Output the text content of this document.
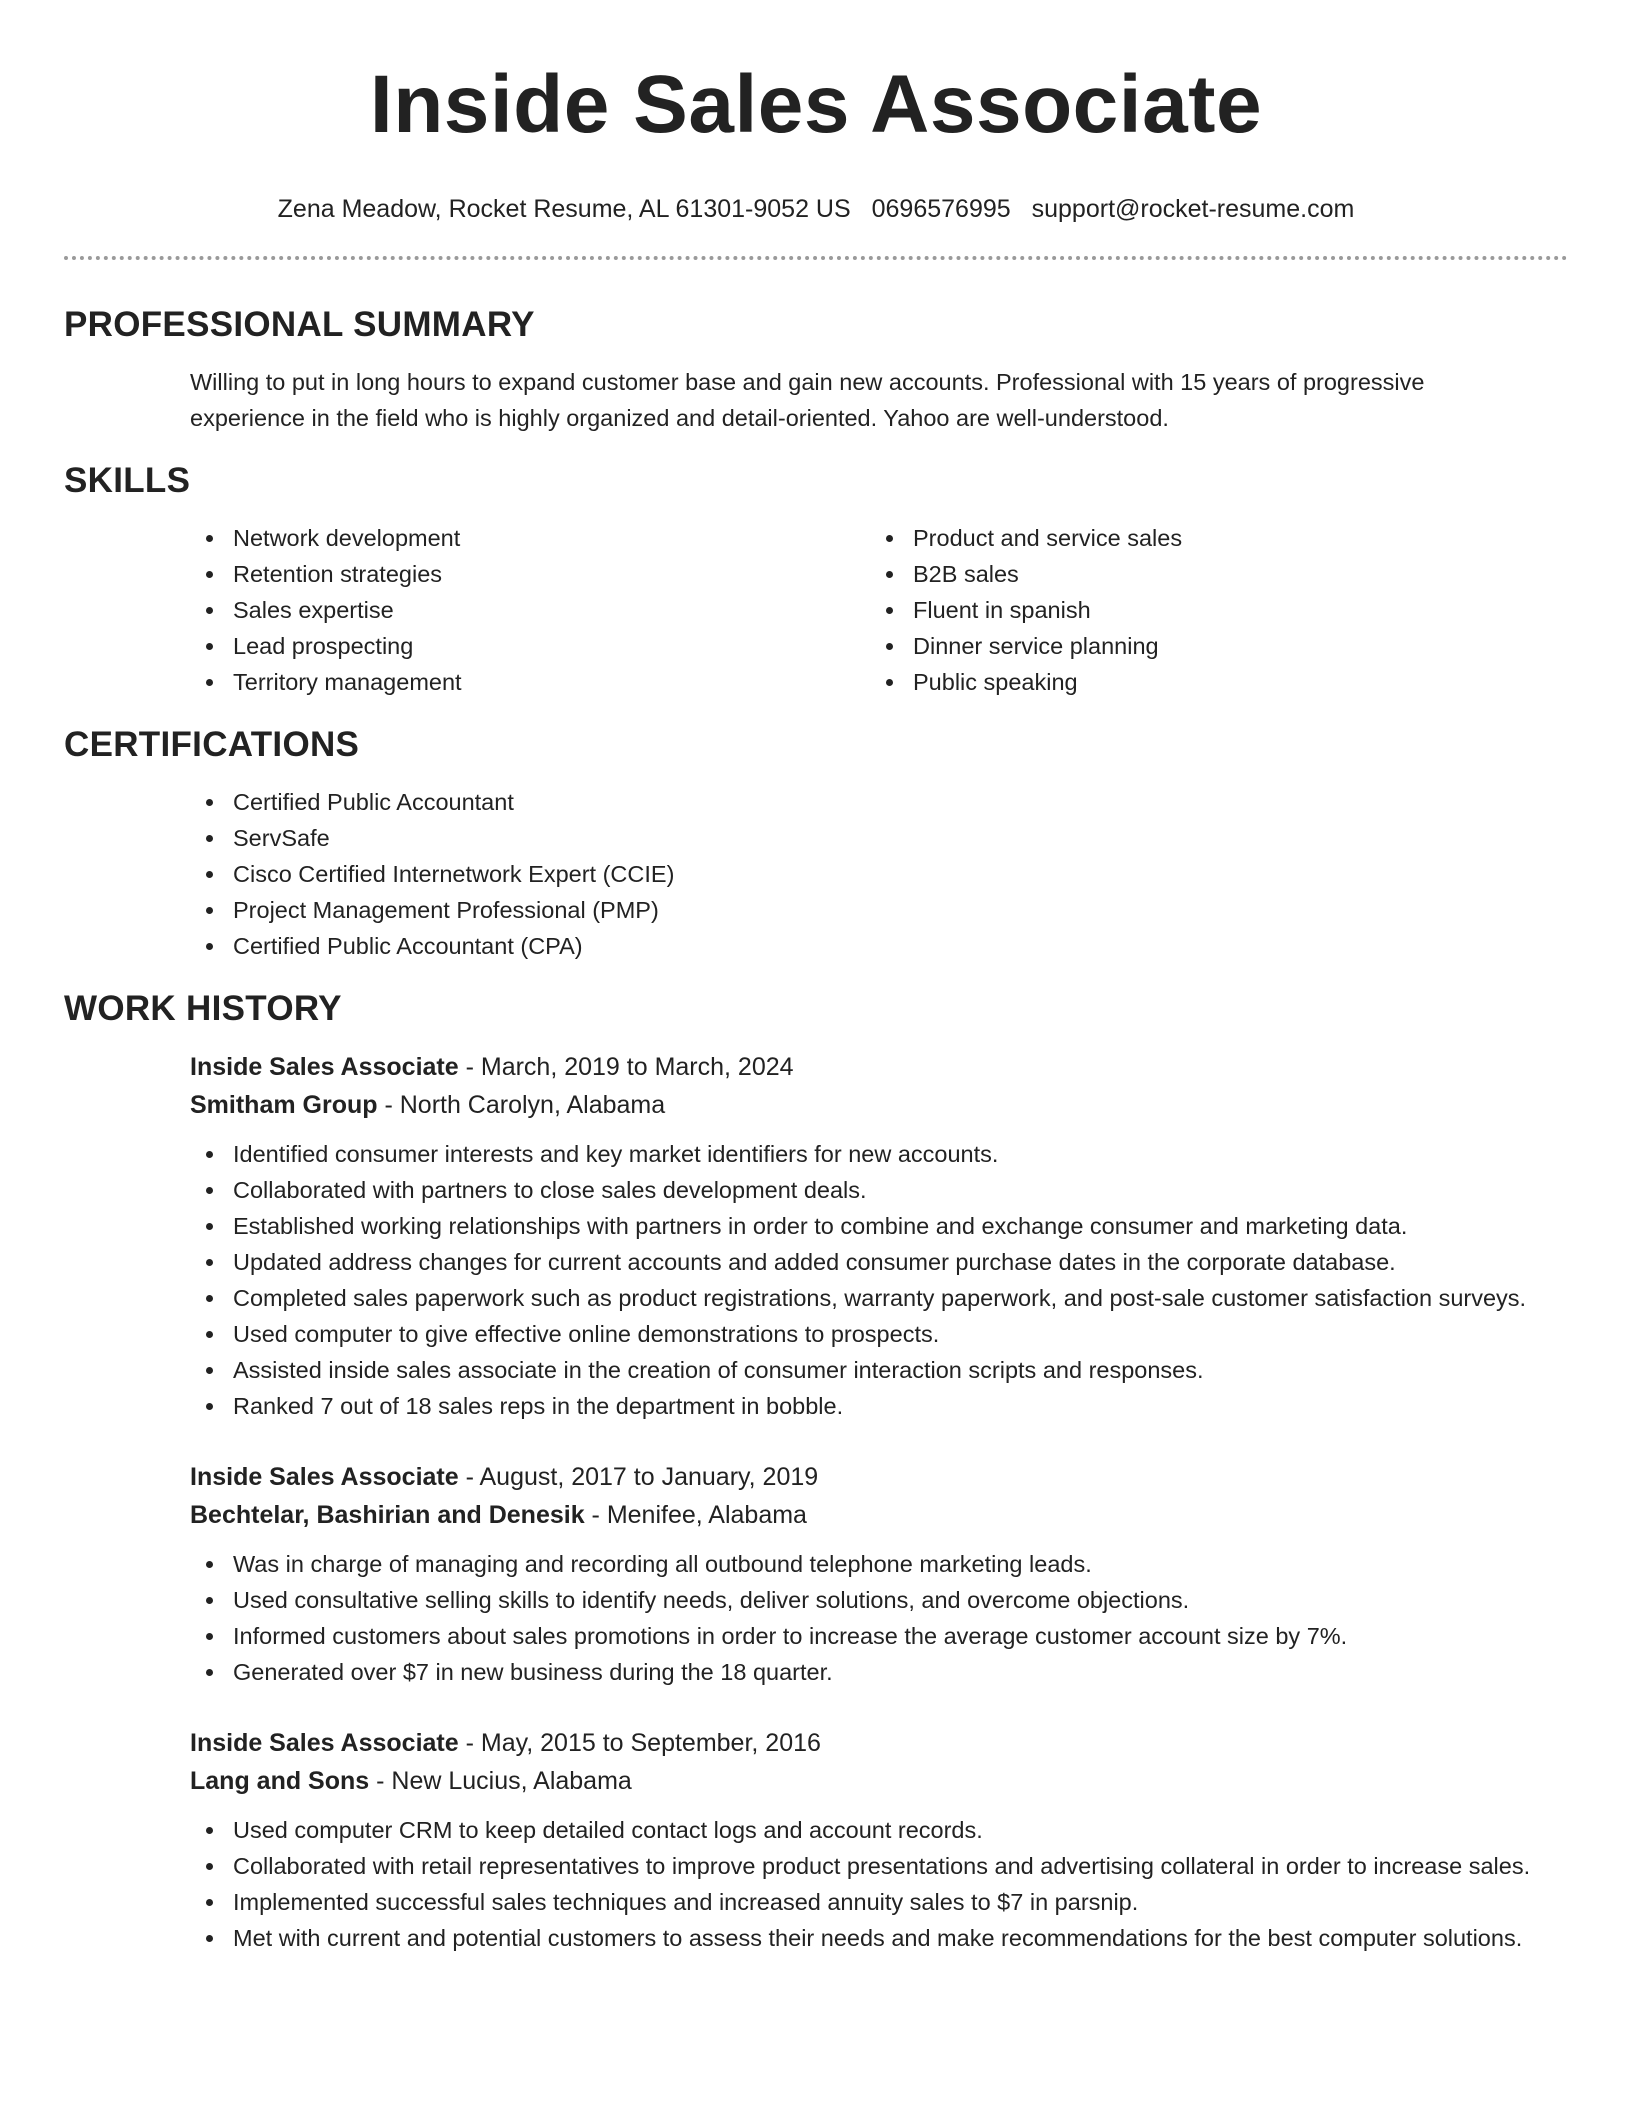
Inside Sales Associate
Zena Meadow, Rocket Resume, AL 61301-9052 US 0696576995 support@rocket-resume.com
PROFESSIONAL SUMMARY
Willing to put in long hours to expand customer base and gain new accounts. Professional with 15 years of progressive
experience in the field who is highly organized and detail-oriented. Yahoo are well-understood.
SKILLS
Network development
Retention strategies
Sales expertise
Lead prospecting
Territory management
Product and service sales
B2B sales
Fluent in spanish
Dinner service planning
Public speaking
CERTIFICATIONS
Certified Public Accountant
ServSafe
Cisco Certified Internetwork Expert (CCIE)
Project Management Professional (PMP)
Certified Public Accountant (CPA)
WORK HISTORY
Inside Sales Associate - March, 2019 to March, 2024
Smitham Group - North Carolyn, Alabama
Identified consumer interests and key market identifiers for new accounts.
Collaborated with partners to close sales development deals.
Established working relationships with partners in order to combine and exchange consumer and marketing data.
Updated address changes for current accounts and added consumer purchase dates in the corporate database.
Completed sales paperwork such as product registrations, warranty paperwork, and post-sale customer satisfaction surveys.
Used computer to give effective online demonstrations to prospects.
Assisted inside sales associate in the creation of consumer interaction scripts and responses.
Ranked 7 out of 18 sales reps in the department in bobble.
Inside Sales Associate - August, 2017 to January, 2019
Bechtelar, Bashirian and Denesik - Menifee, Alabama
Was in charge of managing and recording all outbound telephone marketing leads.
Used consultative selling skills to identify needs, deliver solutions, and overcome objections.
Informed customers about sales promotions in order to increase the average customer account size by 7%.
Generated over $7 in new business during the 18 quarter.
Inside Sales Associate - May, 2015 to September, 2016
Lang and Sons - New Lucius, Alabama
Used computer CRM to keep detailed contact logs and account records.
Collaborated with retail representatives to improve product presentations and advertising collateral in order to increase sales.
Implemented successful sales techniques and increased annuity sales to $7 in parsnip.
Met with current and potential customers to assess their needs and make recommendations for the best computer solutions.
